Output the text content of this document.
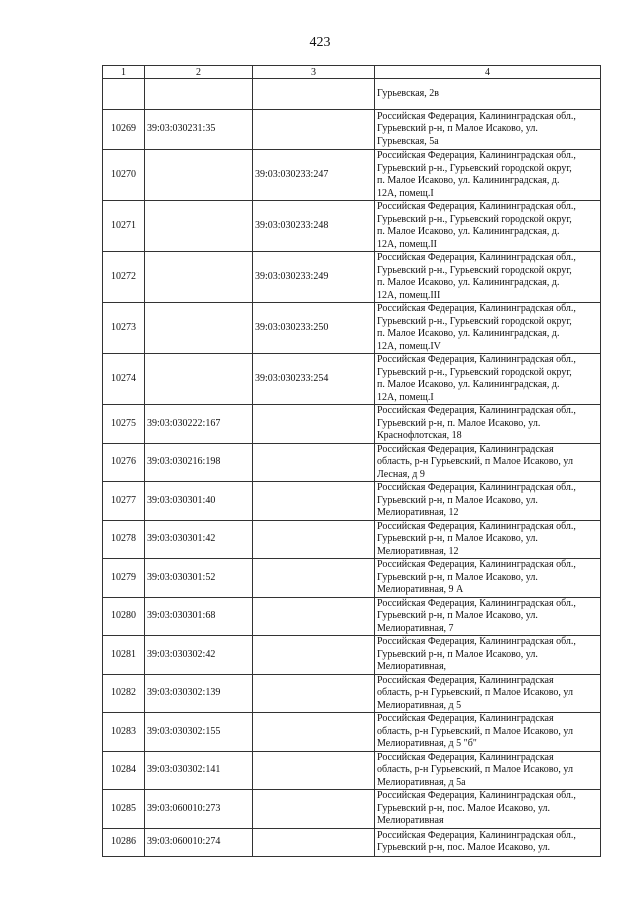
423
1	2	3	4

			Гурьевская, 2в

10269	39:03:030231:35		Российская Федерация, Калининградская обл.,
Гурьевский р-н, п Малое Исаково, ул.
Гурьевская, 5а

10270		39:03:030233:247	Российская Федерация, Калининградская обл.,
Гурьевский р-н., Гурьевский городской округ,
п. Малое Исаково, ул. Калининградская, д.
12А, помещ.I

10271		39:03:030233:248	Российская Федерация, Калининградская обл.,
Гурьевский р-н., Гурьевский городской округ,
п. Малое Исаково, ул. Калининградская, д.
12А, помещ.II

10272		39:03:030233:249	Российская Федерация, Калининградская обл.,
Гурьевский р-н., Гурьевский городской округ,
п. Малое Исаково, ул. Калининградская, д.
12А, помещ.III

10273		39:03:030233:250	Российская Федерация, Калининградская обл.,
Гурьевский р-н., Гурьевский городской округ,
п. Малое Исаково, ул. Калининградская, д.
12А, помещ.IV

10274		39:03:030233:254	Российская Федерация, Калининградская обл.,
Гурьевский р-н., Гурьевский городской округ,
п. Малое Исаково, ул. Калининградская, д.
12А, помещ.I

10275	39:03:030222:167		Российская Федерация, Калининградская обл.,
Гурьевский р-н, п. Малое Исаково, ул.
Краснофлотская, 18

10276	39:03:030216:198		Российская Федерация, Калининградская
область, р-н Гурьевский, п Малое Исаково, ул
Лесная, д 9

10277	39:03:030301:40		Российская Федерация, Калининградская обл.,
Гурьевский р-н, п Малое Исаково, ул.
Мелиоративная, 12

10278	39:03:030301:42		Российская Федерация, Калининградская обл.,
Гурьевский р-н, п Малое Исаково, ул.
Мелиоративная, 12

10279	39:03:030301:52		Российская Федерация, Калининградская обл.,
Гурьевский р-н, п Малое Исаково, ул.
Мелиоративная, 9 А

10280	39:03:030301:68		Российская Федерация, Калининградская обл.,
Гурьевский р-н, п Малое Исаково, ул.
Мелиоративная, 7

10281	39:03:030302:42		Российская Федерация, Калининградская обл.,
Гурьевский р-н, п Малое Исаково, ул.
Мелиоративная,

10282	39:03:030302:139		Российская Федерация, Калининградская
область, р-н Гурьевский, п Малое Исаково, ул
Мелиоративная, д 5

10283	39:03:030302:155		Российская Федерация, Калининградская
область, р-н Гурьевский, п Малое Исаково, ул
Мелиоративная, д 5 "б"

10284	39:03:030302:141		Российская Федерация, Калининградская
область, р-н Гурьевский, п Малое Исаково, ул
Мелиоративная, д 5а

10285	39:03:060010:273		Российская Федерация, Калининградская обл.,
Гурьевский р-н, пос. Малое Исаково, ул.
Мелиоративная

10286	39:03:060010:274		Российская Федерация, Калининградская обл.,
Гурьевский р-н, пос. Малое Исаково, ул.
